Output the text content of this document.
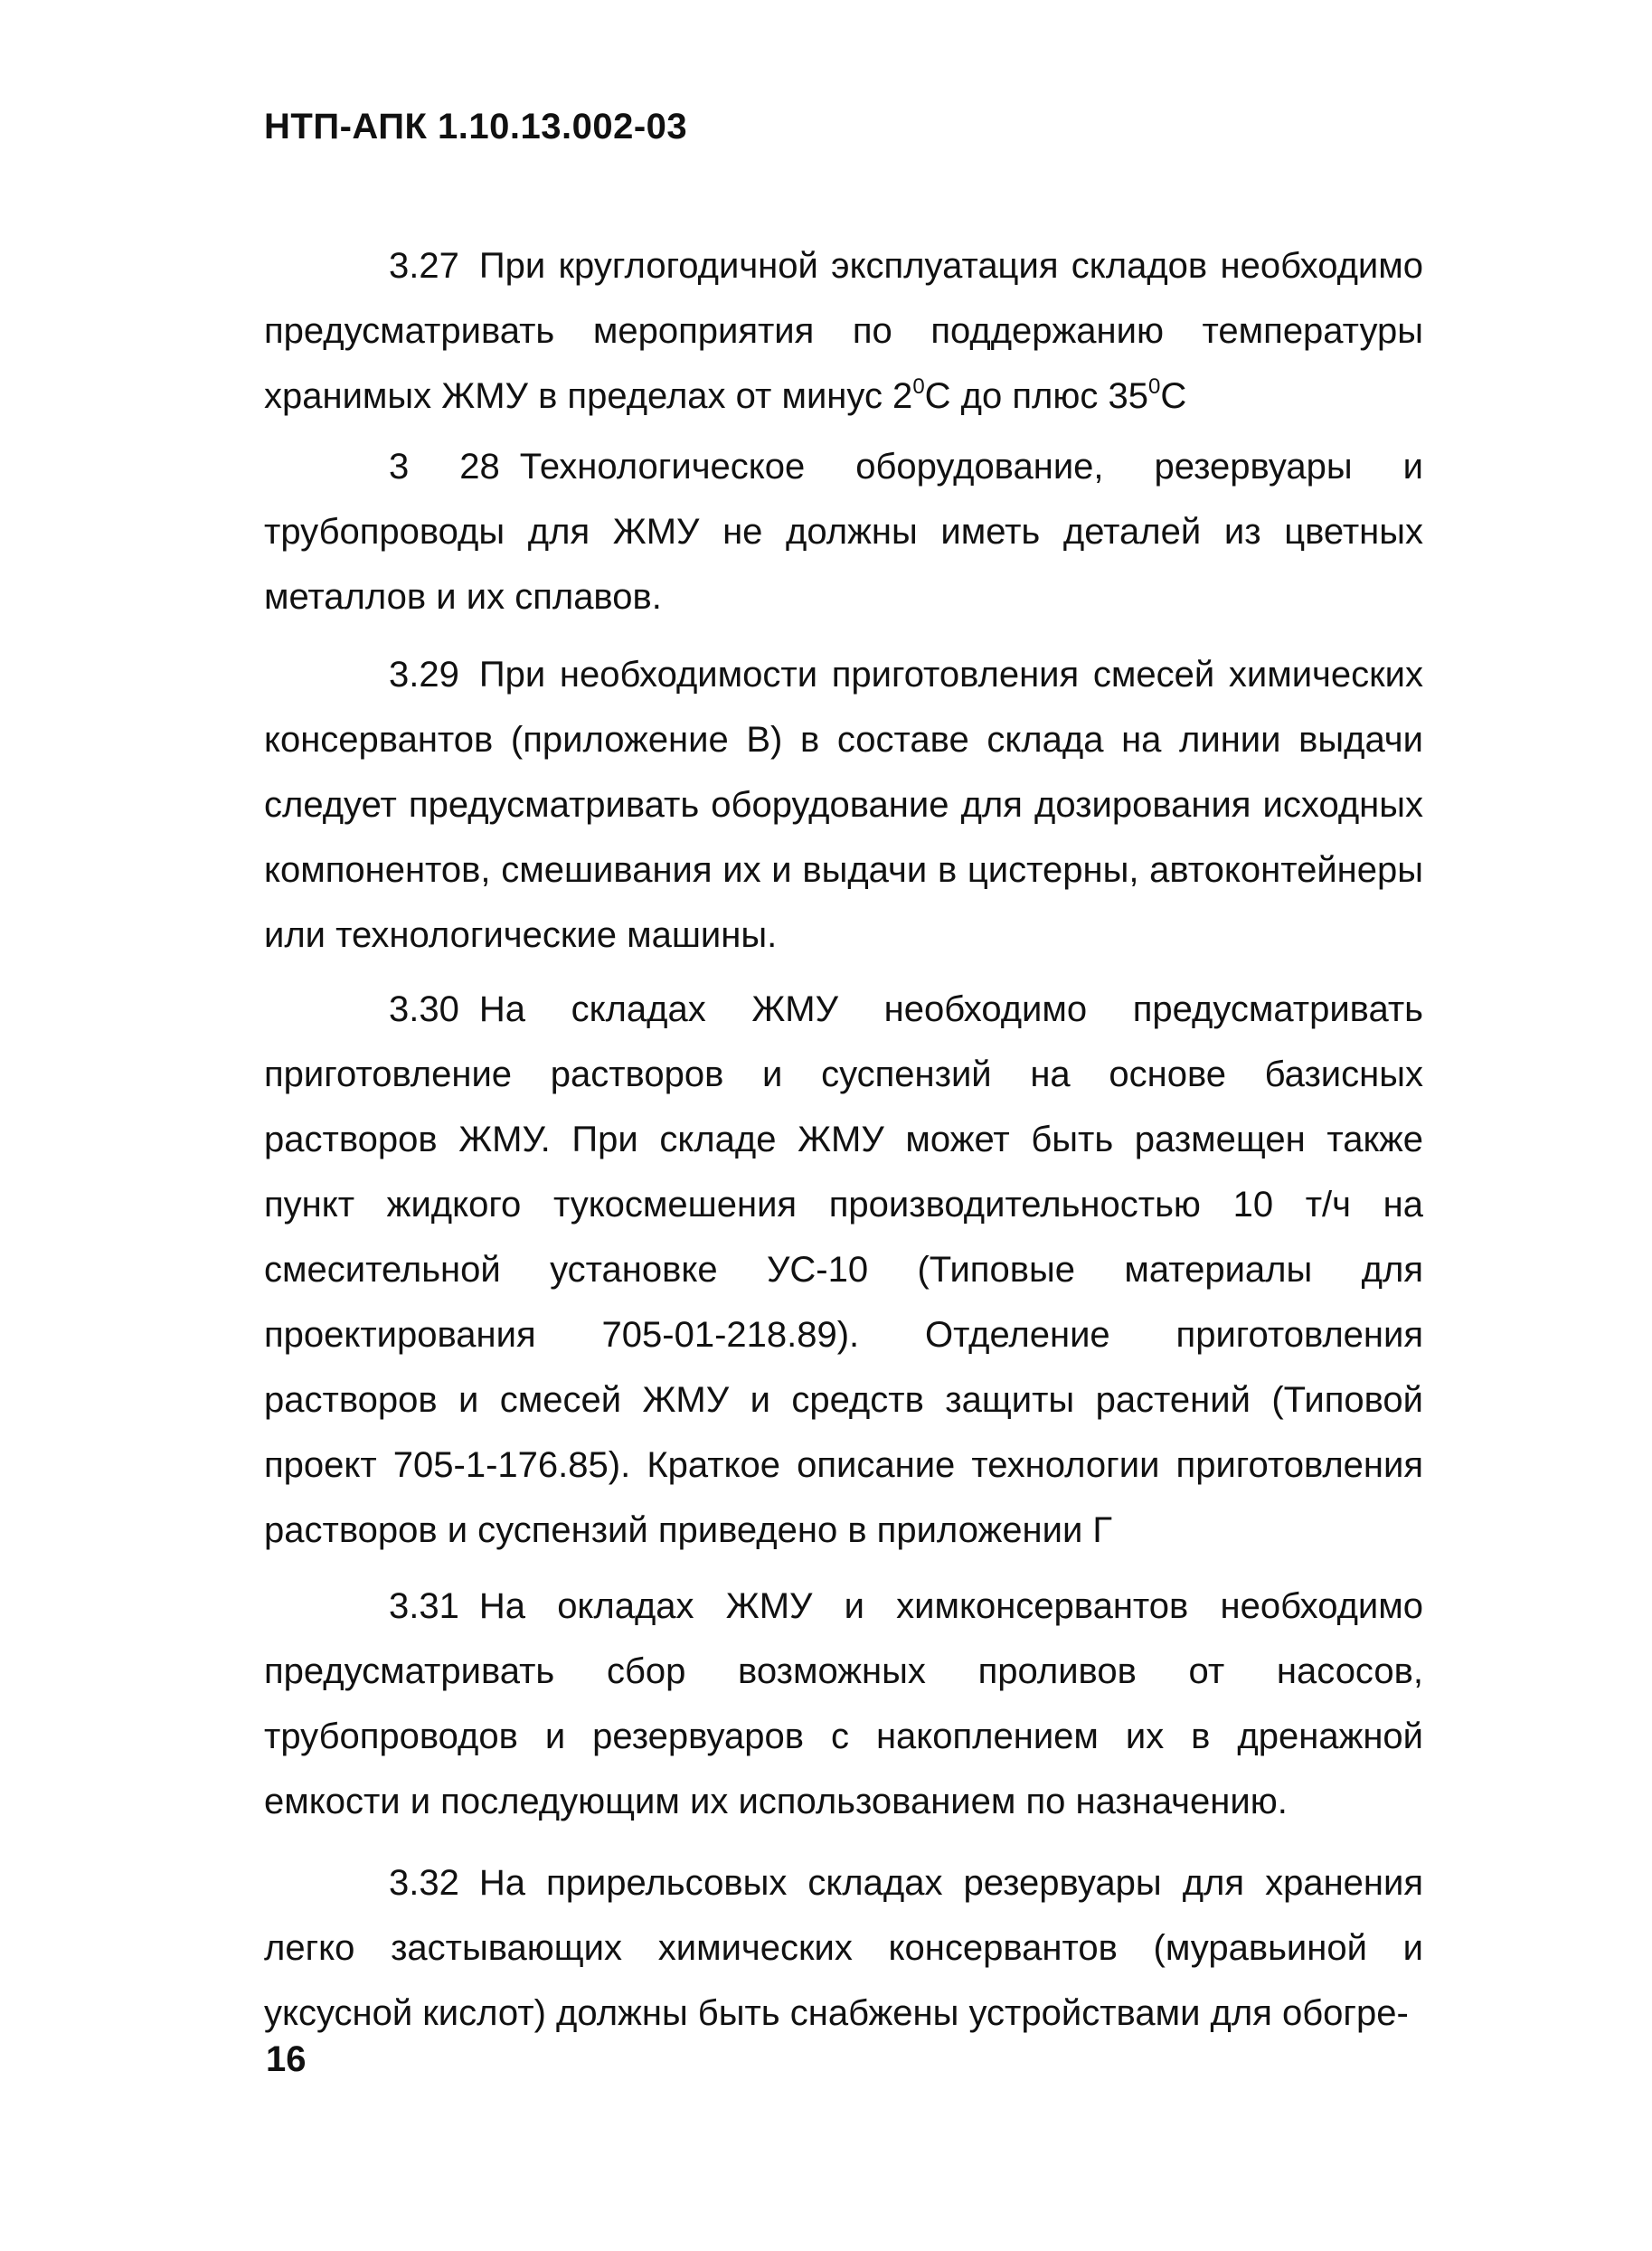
НТП-АПК 1.10.13.002-03

3.27 При круглогодичной эксплуатация складов необходимо предусматривать мероприятия по поддержанию температуры хранимых ЖМУ в пределах от минус $2^0С$ до плюс $35^0С$

3 28 Технологическое оборудование, резервуары и трубопроводы для ЖМУ не должны иметь деталей из цветных металлов и их сплавов.

3.29 При необходимости приготовления смесей химических консервантов (приложение В) в составе склада на линии выдачи следует предусматривать оборудование для дозирования исходных компонентов, смешивания их и выдачи в цистерны, автоконтейнеры или технологические машины.

3.30 На складах ЖМУ необходимо предусматривать приготовление растворов и суспензий на основе базисных растворов ЖМУ. При складе ЖМУ может быть размещен также пункт жидкого тукосмешения производительностью 10 т/ч на смесительной установке УС-10 (Типовые материалы для проектирования 705-01-218.89). Отделение приготовления растворов и смесей ЖМУ и средств защиты растений (Типовой проект 705-1-176.85). Краткое описание технологии приготовления растворов и суспензий приведено в приложении Г

3.31 На окладах ЖМУ и химконсервантов необходимо предусматривать сбор возможных проливов от насосов, трубопроводов и резервуаров с накоплением их в дренажной емкости и последующим их использованием по назначению.

3.32 На прирельсовых складах резервуары для хранения легко застывающих химических консервантов (муравьиной и уксусной кислот) должны быть снабжены устройствами для обогре-

16
